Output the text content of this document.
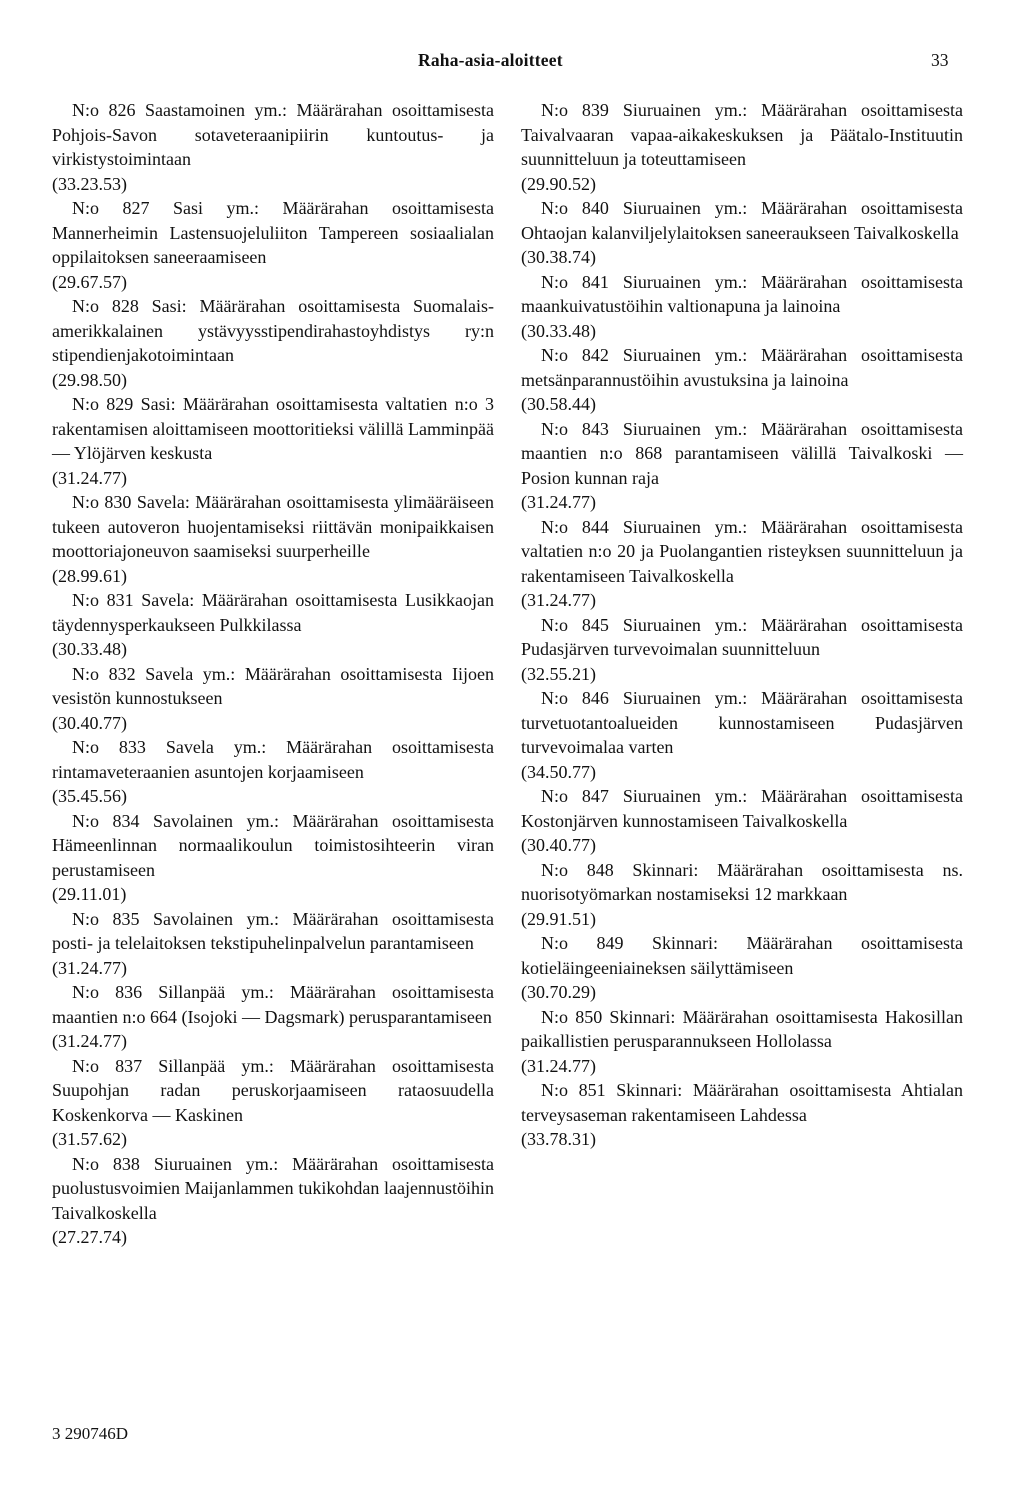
Raha-asia-aloitteet	33
N:o 826 Saastamoinen ym.: Määrärahan osoittamisesta Pohjois-Savon sotaveteraanipiirin kuntoutus- ja virkistystoimintaan
(33.23.53)
N:o 827 Sasi ym.: Määrärahan osoittamisesta Mannerheimin Lastensuojeluliiton Tampereen sosiaalialan oppilaitoksen saneeraamiseen
(29.67.57)
N:o 828 Sasi: Määrärahan osoittamisesta Suomalais-amerikkalainen ystävyysstipendirahastoyhdistys ry:n stipendienjakotoimintaan
(29.98.50)
N:o 829 Sasi: Määrärahan osoittamisesta valtatien n:o 3 rakentamisen aloittamiseen moottoritieksi välillä Lamminpää — Ylöjärven keskusta
(31.24.77)
N:o 830 Savela: Määrärahan osoittamisesta ylimääräiseen tukeen autoveron huojentamiseksi riittävän monipaikkaisen moottoriajoneuvon saamiseksi suurperheille
(28.99.61)
N:o 831 Savela: Määrärahan osoittamisesta Lusikkaojan täydennysperkaukseen Pulkkilassa
(30.33.48)
N:o 832 Savela ym.: Määrärahan osoittamisesta Iijoen vesistön kunnostukseen
(30.40.77)
N:o 833 Savela ym.: Määrärahan osoittamisesta rintamaveteraanien asuntojen korjaamiseen
(35.45.56)
N:o 834 Savolainen ym.: Määrärahan osoittamisesta Hämeenlinnan normaalikoulun toimistosihteerin viran perustamiseen
(29.11.01)
N:o 835 Savolainen ym.: Määrärahan osoittamisesta posti- ja telelaitoksen tekstipuhelinpalvelun parantamiseen
(31.24.77)
N:o 836 Sillanpää ym.: Määrärahan osoittamisesta maantien n:o 664 (Isojoki — Dagsmark) perusparantamiseen
(31.24.77)
N:o 837 Sillanpää ym.: Määrärahan osoittamisesta Suupohjan radan peruskorjaamiseen rataosuudella Koskenkorva — Kaskinen
(31.57.62)
N:o 838 Siuruainen ym.: Määrärahan osoittamisesta puolustusvoimien Maijanlammen tukikohdan laajennustöihin Taivalkoskella
(27.27.74)
N:o 839 Siuruainen ym.: Määrärahan osoittamisesta Taivalvaaran vapaa-aikakeskuksen ja Päätalo-Instituutin suunnitteluun ja toteuttamiseen
(29.90.52)
N:o 840 Siuruainen ym.: Määrärahan osoittamisesta Ohtaojan kalanviljelylaitoksen saneeraukseen Taivalkoskella
(30.38.74)
N:o 841 Siuruainen ym.: Määrärahan osoittamisesta maankuivatustöihin valtionapuna ja lainoina
(30.33.48)
N:o 842 Siuruainen ym.: Määrärahan osoittamisesta metsänparannustöihin avustuksina ja lainoina
(30.58.44)
N:o 843 Siuruainen ym.: Määrärahan osoittamisesta maantien n:o 868 parantamiseen välillä Taivalkoski — Posion kunnan raja
(31.24.77)
N:o 844 Siuruainen ym.: Määrärahan osoittamisesta valtatien n:o 20 ja Puolangantien risteyksen suunnitteluun ja rakentamiseen Taivalkoskella
(31.24.77)
N:o 845 Siuruainen ym.: Määrärahan osoittamisesta Pudasjärven turvevoimalan suunnitteluun
(32.55.21)
N:o 846 Siuruainen ym.: Määrärahan osoittamisesta turvetuotantoalueiden kunnostamiseen Pudasjärven turvevoimalaa varten
(34.50.77)
N:o 847 Siuruainen ym.: Määrärahan osoittamisesta Kostonjärven kunnostamiseen Taivalkoskella
(30.40.77)
N:o 848 Skinnari: Määrärahan osoittamisesta ns. nuorisotyömarkan nostamiseksi 12 markkaan
(29.91.51)
N:o 849 Skinnari: Määrärahan osoittamisesta kotieläingeeniaineksen säilyttämiseen
(30.70.29)
N:o 850 Skinnari: Määrärahan osoittamisesta Hakosillan paikallistien perusparannukseen Hollolassa
(31.24.77)
N:o 851 Skinnari: Määrärahan osoittamisesta Ahtialan terveysaseman rakentamiseen Lahdessa
(33.78.31)
3 290746D
